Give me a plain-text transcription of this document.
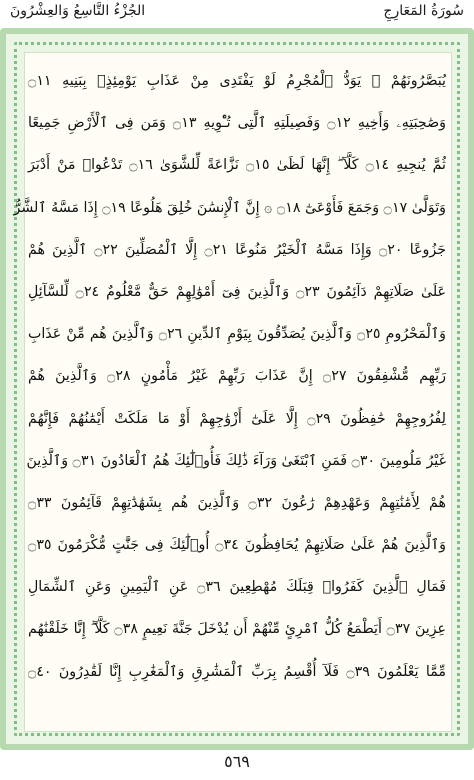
الجُزْءُ التَّاسِعُ وَالعِشْرُونَ	سُورَةُ المَعَارِجِ
يُبَصَّرُونَهُمْ ۚ يَوَدُّ ٱلْمُجْرِمُ لَوْ يَفْتَدِى مِنْ عَذَابِ يَوْمِئِذٍۭ بِبَنِيهِ ۝١١
وَصَٰحِبَتِهِۦ وَأَخِيهِ ۝١٢ وَفَصِيلَتِهِ ٱلَّتِى تُـْٔوِيهِ ۝١٣ وَمَن فِى ٱلْأَرْضِ جَمِيعًا
ثُمَّ يُنجِيهِ ۝١٤ كَلَّآ ۖ إِنَّهَا لَظَىٰ ۝١٥ نَزَّاعَةً لِّلشَّوَىٰ ۝١٦ تَدْعُوا۟ مَنْ أَدْبَرَ
وَتَوَلَّىٰ ۝١٧ وَجَمَعَ فَأَوْعَىٰٓ ۝١٨ ۞ إِنَّ ٱلْإِنسَٰنَ خُلِقَ هَلُوعًا ۝١٩ إِذَا مَسَّهُ ٱلشَّرُّ
جَزُوعًا ۝٢٠ وَإِذَا مَسَّهُ ٱلْخَيْرُ مَنُوعًا ۝٢١ إِلَّا ٱلْمُصَلِّينَ ۝٢٢ ٱلَّذِينَ هُمْ
عَلَىٰ صَلَاتِهِمْ دَآئِمُونَ ۝٢٣ وَٱلَّذِينَ فِىٓ أَمْوَٰلِهِمْ حَقٌّ مَّعْلُومٌ ۝٢٤ لِّلسَّآئِلِ
وَٱلْمَحْرُومِ ۝٢٥ وَٱلَّذِينَ يُصَدِّقُونَ بِيَوْمِ ٱلدِّينِ ۝٢٦ وَٱلَّذِينَ هُم مِّنْ عَذَابِ
رَبِّهِم مُّشْفِقُونَ ۝٢٧ إِنَّ عَذَابَ رَبِّهِمْ غَيْرُ مَأْمُونٍ ۝٢٨ وَٱلَّذِينَ هُمْ
لِفُرُوجِهِمْ حَٰفِظُونَ ۝٢٩ إِلَّا عَلَىٰٓ أَزْوَٰجِهِمْ أَوْ مَا مَلَكَتْ أَيْمَٰنُهُمْ فَإِنَّهُمْ
غَيْرُ مَلُومِينَ ۝٣٠ فَمَنِ ٱبْتَغَىٰ وَرَآءَ ذَٰلِكَ فَأُو۟لَٰٓئِكَ هُمُ ٱلْعَادُونَ ۝٣١ وَٱلَّذِينَ
هُمْ لِأَمَٰنَٰتِهِمْ وَعَهْدِهِمْ رَٰعُونَ ۝٣٢ وَٱلَّذِينَ هُم بِشَهَٰدَٰتِهِمْ قَآئِمُونَ ۝٣٣
وَٱلَّذِينَ هُمْ عَلَىٰ صَلَاتِهِمْ يُحَافِظُونَ ۝٣٤ أُو۟لَٰٓئِكَ فِى جَنَّٰتٍ مُّكْرَمُونَ ۝٣٥
فَمَالِ ٱلَّذِينَ كَفَرُوا۟ قِبَلَكَ مُهْطِعِينَ ۝٣٦ عَنِ ٱلْيَمِينِ وَعَنِ ٱلشِّمَالِ
عِزِينَ ۝٣٧ أَيَطْمَعُ كُلُّ ٱمْرِئٍ مِّنْهُمْ أَن يُدْخَلَ جَنَّةَ نَعِيمٍ ۝٣٨ كَلَّآ ۖ إِنَّا خَلَقْنَٰهُم
مِّمَّا يَعْلَمُونَ ۝٣٩ فَلَآ أُقْسِمُ بِرَبِّ ٱلْمَشَٰرِقِ وَٱلْمَغَٰرِبِ إِنَّا لَقَٰدِرُونَ ۝٤٠
٥٦٩
